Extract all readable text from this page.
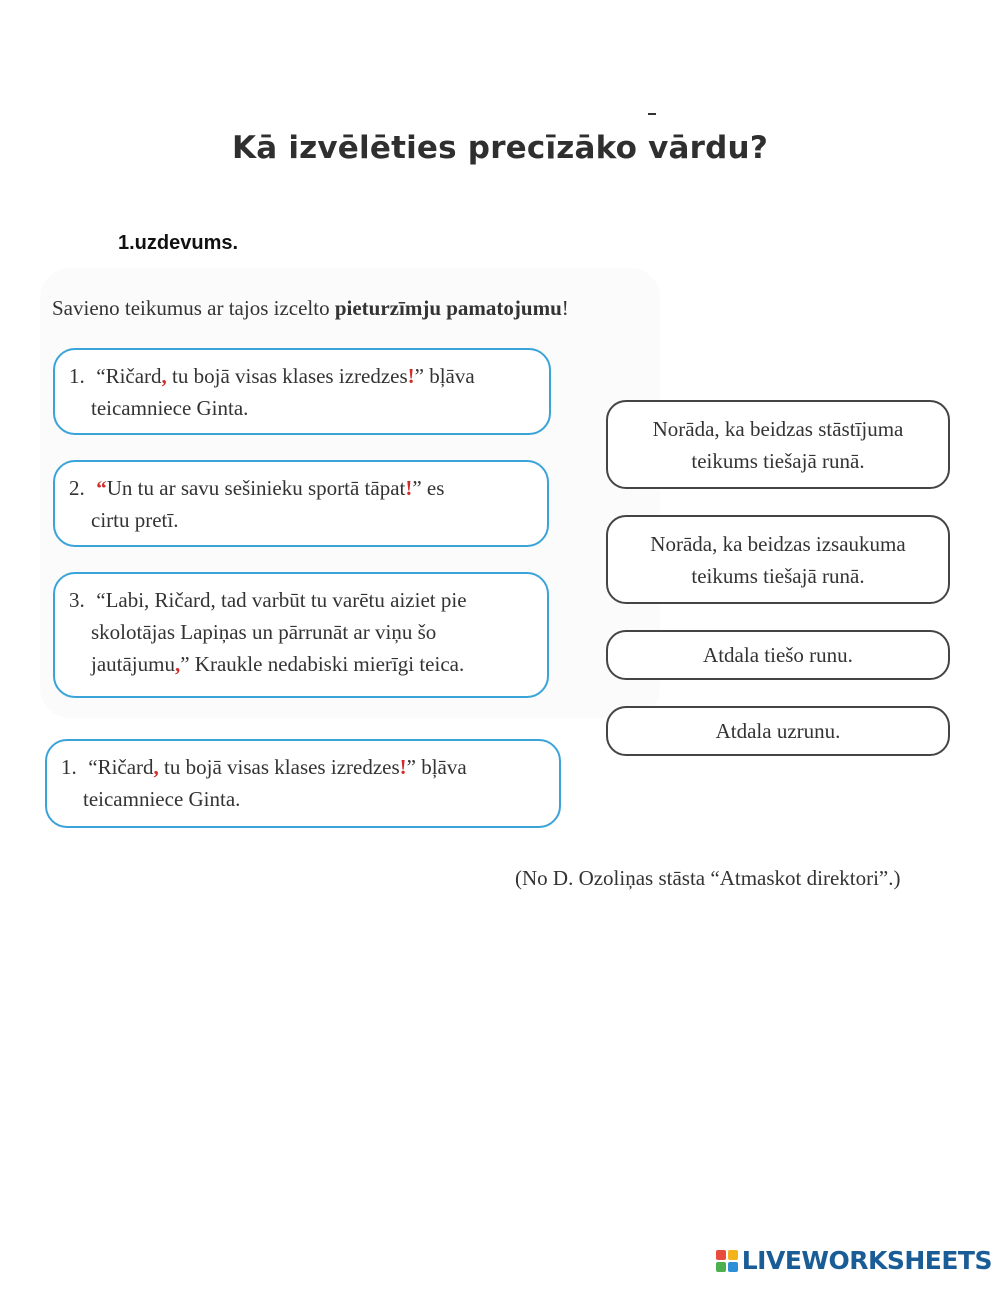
Kā izvēlēties precīzāko vārdu?
1.uzdevums.
Savieno teikumus ar tajos izcelto pieturzīmju pamatojumu!
1. “Ričard, tu bojā visas klases izredzes!” bļāva
teicamniece Ginta.
2. “Un tu ar savu sešinieku sportā tāpat!” es
cirtu pretī.
3. “Labi, Ričard, tad varbūt tu varētu aiziet pie
skolotājas Lapiņas un pārrunāt ar viņu šo
jautājumu,” Kraukle nedabiski mierīgi teica.
1. “Ričard, tu bojā visas klases izredzes!” bļāva
teicamniece Ginta.
Norāda, ka beidzas stāstījuma
teikums tiešajā runā.
Norāda, ka beidzas izsaukuma
teikums tiešajā runā.
Atdala tiešo runu.
Atdala uzrunu.
(No D. Ozoliņas stāsta “Atmaskot direktori”.)
LIVEWORKSHEETS
